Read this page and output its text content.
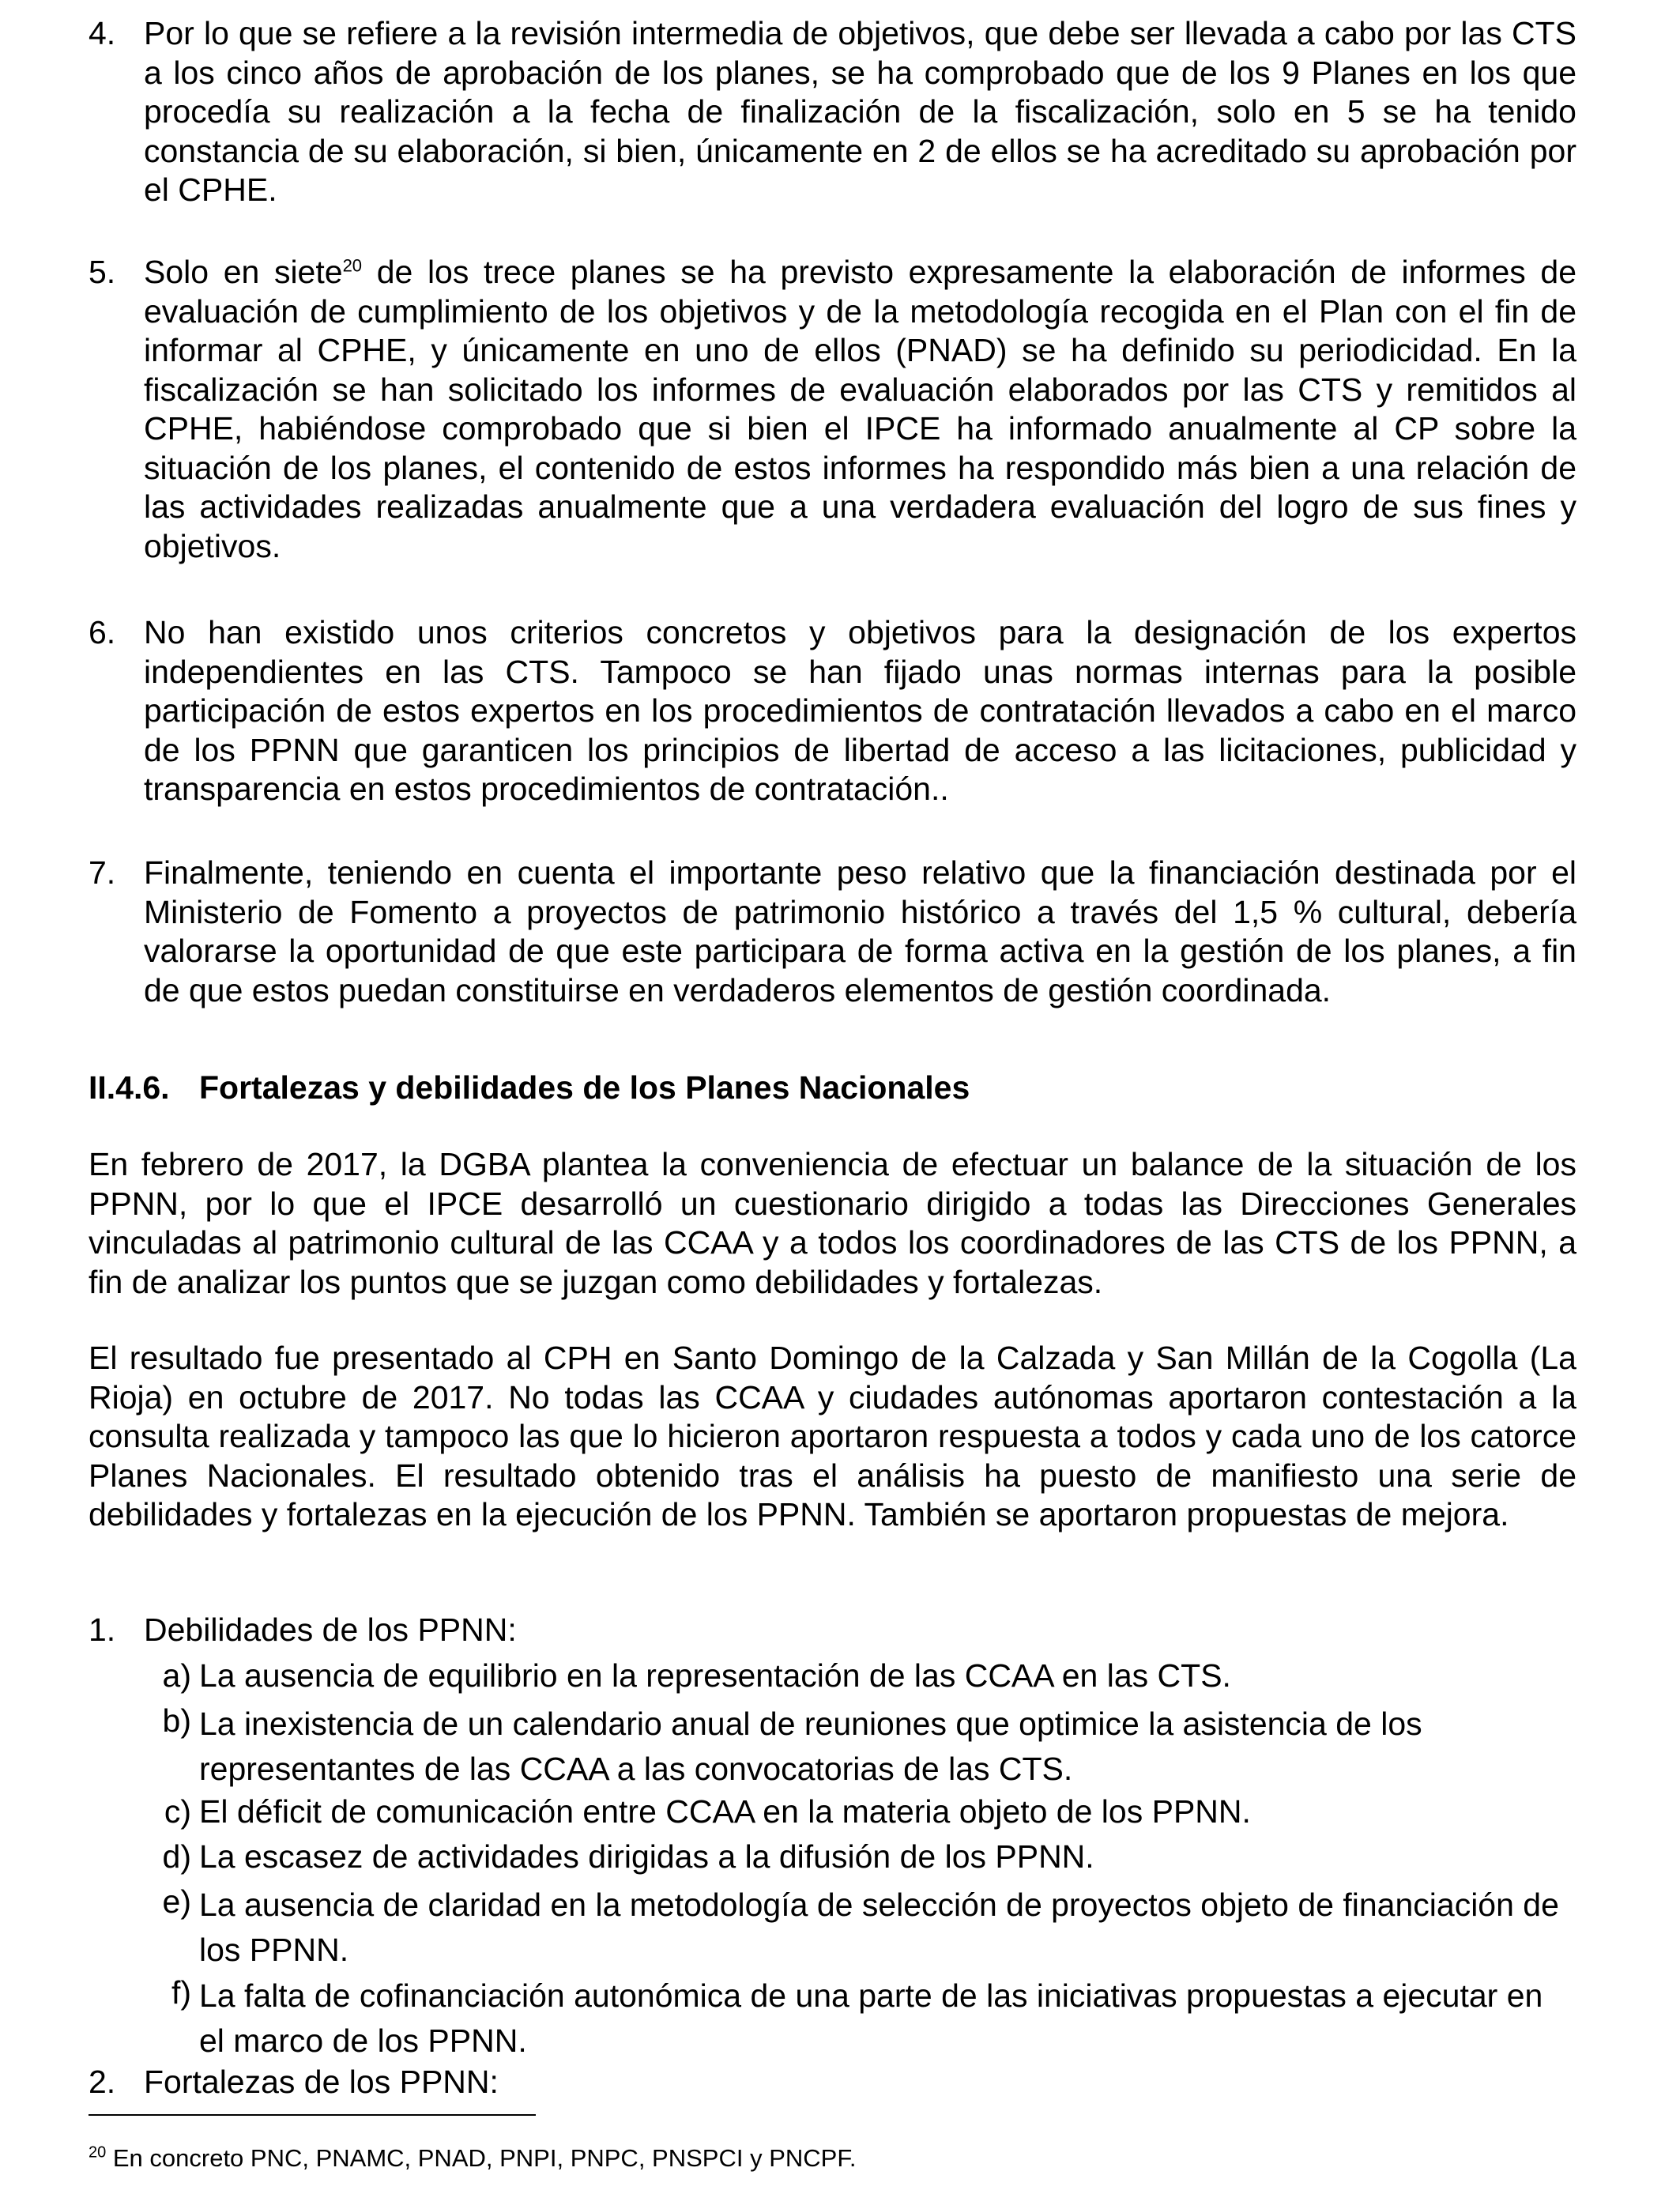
4. Por lo que se refiere a la revisión intermedia de objetivos, que debe ser llevada a cabo por las CTS a los cinco años de aprobación de los planes, se ha comprobado que de los 9 Planes en los que procedía su realización a la fecha de finalización de la fiscalización, solo en 5 se ha tenido constancia de su elaboración, si bien, únicamente en 2 de ellos se ha acreditado su aprobación por el CPHE.
5. Solo en siete$^{20}$ de los trece planes se ha previsto expresamente la elaboración de informes de evaluación de cumplimiento de los objetivos y de la metodología recogida en el Plan con el fin de informar al CPHE, y únicamente en uno de ellos (PNAD) se ha definido su periodicidad. En la fiscalización se han solicitado los informes de evaluación elaborados por las CTS y remitidos al CPHE, habiéndose comprobado que si bien el IPCE ha informado anualmente al CP sobre la situación de los planes, el contenido de estos informes ha respondido más bien a una relación de las actividades realizadas anualmente que a una verdadera evaluación del logro de sus fines y objetivos.
6. No han existido unos criterios concretos y objetivos para la designación de los expertos independientes en las CTS. Tampoco se han fijado unas normas internas para la posible participación de estos expertos en los procedimientos de contratación llevados a cabo en el marco de los PPNN que garanticen los principios de libertad de acceso a las licitaciones, publicidad y transparencia en estos procedimientos de contratación..
7. Finalmente, teniendo en cuenta el importante peso relativo que la financiación destinada por el Ministerio de Fomento a proyectos de patrimonio histórico a través del 1,5 % cultural, debería valorarse la oportunidad de que este participara de forma activa en la gestión de los planes, a fin de que estos puedan constituirse en verdaderos elementos de gestión coordinada.
II.4.6. Fortalezas y debilidades de los Planes Nacionales
En febrero de 2017, la DGBA plantea la conveniencia de efectuar un balance de la situación de los PPNN, por lo que el IPCE desarrolló un cuestionario dirigido a todas las Direcciones Generales vinculadas al patrimonio cultural de las CCAA y a todos los coordinadores de las CTS de los PPNN, a fin de analizar los puntos que se juzgan como debilidades y fortalezas.
El resultado fue presentado al CPH en Santo Domingo de la Calzada y San Millán de la Cogolla (La Rioja) en octubre de 2017. No todas las CCAA y ciudades autónomas aportaron contestación a la consulta realizada y tampoco las que lo hicieron aportaron respuesta a todos y cada uno de los catorce Planes Nacionales. El resultado obtenido tras el análisis ha puesto de manifiesto una serie de debilidades y fortalezas en la ejecución de los PPNN. También se aportaron propuestas de mejora.
1. Debilidades de los PPNN:
a) La ausencia de equilibrio en la representación de las CCAA en las CTS.
b) La inexistencia de un calendario anual de reuniones que optimice la asistencia de los representantes de las CCAA a las convocatorias de las CTS.
c) El déficit de comunicación entre CCAA en la materia objeto de los PPNN.
d) La escasez de actividades dirigidas a la difusión de los PPNN.
e) La ausencia de claridad en la metodología de selección de proyectos objeto de financiación de los PPNN.
f) La falta de cofinanciación autonómica de una parte de las iniciativas propuestas a ejecutar en el marco de los PPNN.
2. Fortalezas de los PPNN:
$^{20}$ En concreto PNC, PNAMC, PNAD, PNPI, PNPC, PNSPCI y PNCPF.
